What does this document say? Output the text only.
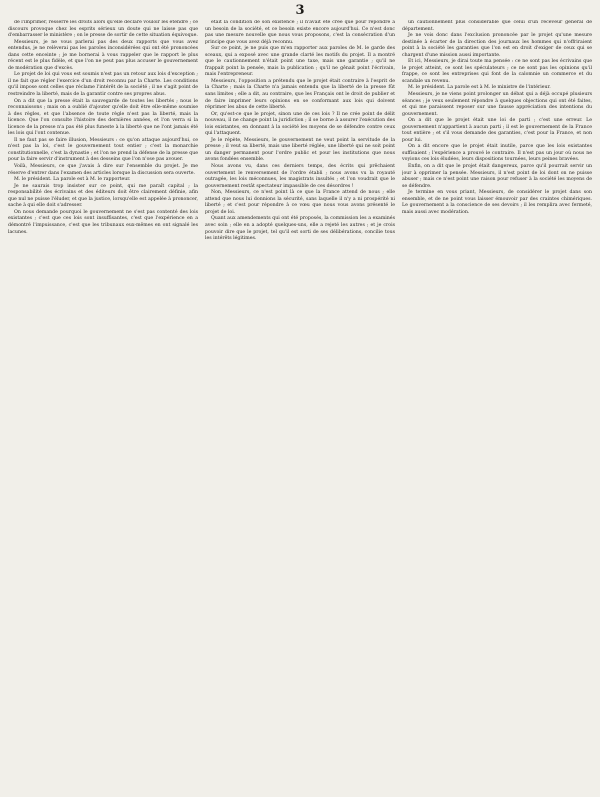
3

de l'imprimer, resserre les droits alors qu'elle déclare vouloir les étendre ; ce discours provoque chez les esprits sérieux un doute qui ne laisse pas que d'embarrasser le ministère ; on le presse de sortir de cette situation équivoque.

Messieurs, je ne vous parlerai pas des deux rapports que vous avez entendus, je ne relèverai pas les paroles inconsidérées qui ont été prononcées dans cette enceinte ; je me bornerai à vous rappeler que le rapport le plus récent est le plus fidèle, et que l'on ne peut pas plus accuser le gouvernement de modération que d'excès.

Le projet de loi qui vous est soumis n'est pas un retour aux lois d'exception ; il ne fait que régler l'exercice d'un droit reconnu par la Charte. Les conditions qu'il impose sont celles que réclame l'intérêt de la société ; il ne s'agit point de restreindre la liberté, mais de la garantir contre ses propres abus.

On a dit que la presse était la sauvegarde de toutes les libertés ; nous le reconnaissons ; mais on a oublié d'ajouter qu'elle doit être elle-même soumise à des règles, et que l'absence de toute règle n'est pas la liberté, mais la licence. Que l'on consulte l'histoire des dernières années, et l'on verra si la licence de la presse n'a pas été plus funeste à la liberté que ne l'ont jamais été les lois qui l'ont contenue.

Il ne faut pas se faire illusion, Messieurs : ce qu'on attaque aujourd'hui, ce n'est pas la loi, c'est le gouvernement tout entier ; c'est la monarchie constitutionnelle, c'est la dynastie ; et l'on ne prend la défense de la presse que pour la faire servir d'instrument à des desseins que l'on n'ose pas avouer.

Voilà, Messieurs, ce que j'avais à dire sur l'ensemble du projet. Je me réserve d'entrer dans l'examen des articles lorsque la discussion sera ouverte.

M. le président. La parole est à M. le rapporteur.

Je ne saurais trop insister sur ce point, qui me paraît capital ; la responsabilité des écrivains et des éditeurs doit être clairement définie, afin que nul ne puisse l'éluder, et que la justice, lorsqu'elle est appelée à prononcer, sache à qui elle doit s'adresser.

On nous demande pourquoi le gouvernement ne s'est pas contenté des lois existantes ; c'est que ces lois sont insuffisantes, c'est que l'expérience en a démontré l'impuissance, c'est que les tribunaux eux-mêmes en ont signalé les lacunes.

était la condition de son existence ; il n'avait été créé que pour répondre à un besoin de la société, et ce besoin existe encore aujourd'hui. Ce n'est donc pas une mesure nouvelle que nous vous proposons, c'est la consécration d'un principe que vous avez déjà reconnu.

Sur ce point, je ne puis que m'en rapporter aux paroles de M. le garde des sceaux, qui a exposé avec une grande clarté les motifs du projet. Il a montré que le cautionnement n'était point une taxe, mais une garantie ; qu'il ne frappait point la pensée, mais la publication ; qu'il ne gênait point l'écrivain, mais l'entrepreneur.

Messieurs, l'opposition a prétendu que le projet était contraire à l'esprit de la Charte ; mais la Charte n'a jamais entendu que la liberté de la presse fût sans limites ; elle a dit, au contraire, que les Français ont le droit de publier et de faire imprimer leurs opinions en se conformant aux lois qui doivent réprimer les abus de cette liberté.

Or, qu'est-ce que le projet, sinon une de ces lois ? Il ne crée point de délit nouveau, il ne change point la juridiction ; il se borne à assurer l'exécution des lois existantes, en donnant à la société les moyens de se défendre contre ceux qui l'attaquent.

Je le répète, Messieurs, le gouvernement ne veut point la servitude de la presse ; il veut sa liberté, mais une liberté réglée, une liberté qui ne soit point un danger permanent pour l'ordre public et pour les institutions que nous avons fondées ensemble.

Nous avons vu, dans ces derniers temps, des écrits qui prêchaient ouvertement le renversement de l'ordre établi ; nous avons vu la royauté outragée, les lois méconnues, les magistrats insultés ; et l'on voudrait que le gouvernement restât spectateur impassible de ces désordres !

Non, Messieurs, ce n'est point là ce que la France attend de nous ; elle attend que nous lui donnions la sécurité, sans laquelle il n'y a ni prospérité ni liberté ; et c'est pour répondre à ce vœu que nous vous avons présenté le projet de loi.

Quant aux amendements qui ont été proposés, la commission les a examinés avec soin ; elle en a adopté quelques-uns, elle a rejeté les autres ; et je crois pouvoir dire que le projet, tel qu'il est sorti de ses délibérations, concilie tous les intérêts légitimes.

un cautionnement plus considérable que celui d'un receveur général de département.

Je ne vois donc dans l'exclusion prononcée par le projet qu'une mesure destinée à écarter de la direction des journaux les hommes qui n'offriraient point à la société les garanties que l'on est en droit d'exiger de ceux qui se chargent d'une mission aussi importante.

Et ici, Messieurs, je dirai toute ma pensée : ce ne sont pas les écrivains que le projet atteint, ce sont les spéculateurs ; ce ne sont pas les opinions qu'il frappe, ce sont les entreprises qui font de la calomnie un commerce et du scandale un revenu.

M. le président. La parole est à M. le ministre de l'intérieur.

Messieurs, je ne viens point prolonger un débat qui a déjà occupé plusieurs séances ; je veux seulement répondre à quelques objections qui ont été faites, et qui me paraissent reposer sur une fausse appréciation des intentions du gouvernement.

On a dit que le projet était une loi de parti ; c'est une erreur. Le gouvernement n'appartient à aucun parti ; il est le gouvernement de la France tout entière ; et s'il vous demande des garanties, c'est pour la France, et non pour lui.

On a dit encore que le projet était inutile, parce que les lois existantes suffisaient ; l'expérience a prouvé le contraire. Il n'est pas un jour où nous ne voyions ces lois éludées, leurs dispositions tournées, leurs peines bravées.

Enfin, on a dit que le projet était dangereux, parce qu'il pourrait servir un jour à opprimer la pensée. Messieurs, il n'est point de loi dont on ne puisse abuser ; mais ce n'est point une raison pour refuser à la société les moyens de se défendre.

Je termine en vous priant, Messieurs, de considérer le projet dans son ensemble, et de ne point vous laisser émouvoir par des craintes chimériques. Le gouvernement a la conscience de ses devoirs ; il les remplira avec fermeté, mais aussi avec modération.
